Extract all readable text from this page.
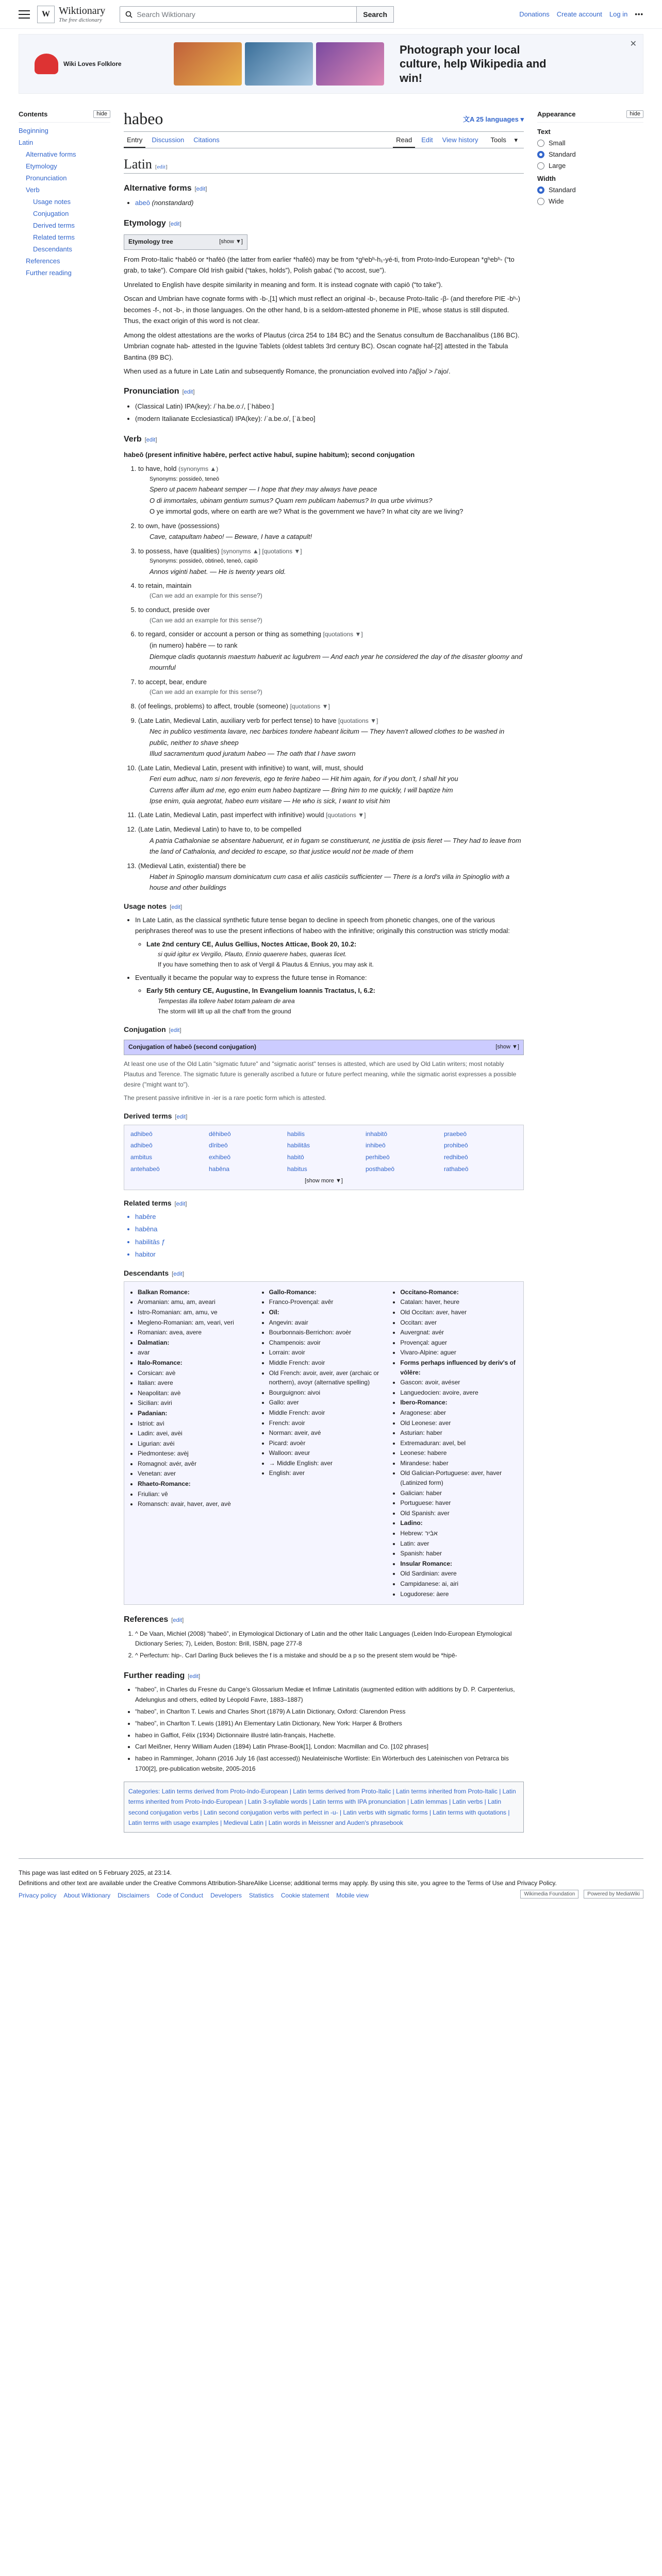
W Wiktionary
The free dictionary
Search Wiktionary	Search	Donations Create account Log in •••
Wiki Loves Folklore
Photograph your local culture, help Wikipedia and win!
✕
Contents	hide
Beginning
Latin
Alternative forms
Etymology
Pronunciation
Verb
Usage notes
Conjugation
Derived terms
Related terms
Descendants
References
Further reading
habeo	文A 25 languages ▾
Entry	Discussion	Citations	Read	Edit	View history	Tools ▾
Latin [edit]
Alternative forms [edit]
• abeō (nonstandard)
Etymology [edit]
Etymology tree	[show ▼]

From Proto-Italic *habēō or *hafēō (the latter from earlier *hafēō) may be from *gʰebʰ-h₁-yé-ti, from Proto-Indo-European *gʰebʰ- (“to grab, to take”). Compare Old Irish gaibid (“takes, holds”), Polish gabać (“to accost, sue”).

Unrelated to English have despite similarity in meaning and form. It is instead cognate with capiō (“to take”).

Oscan and Umbrian have cognate forms with -b-,[1] which must reflect an original -b-, because Proto-Italic -β- (and therefore PIE -bʰ-) becomes -f-, not -b-, in those languages. On the other hand, b is a seldom-attested phoneme in PIE, whose status is still disputed. Thus, the exact origin of this word is not clear.

Among the oldest attestations are the works of Plautus (circa 254 to 184 BC) and the Senatus consultum de Bacchanalibus (186 BC). Umbrian cognate hab- attested in the Iguvine Tablets (oldest tablets 3rd century BC). Oscan cognate haf-[2] attested in the Tabula Bantina (89 BC).

When used as a future in Late Latin and subsequently Romance, the pronunciation evolved into /'aβjo/ > /'ajo/.

Pronunciation [edit]
• (Classical Latin) IPA(key): /ˈha.be.oː/, [ˈhäbeoː]
• (modern Italianate Ecclesiastical) IPA(key): /ˈa.be.o/, [ˈäːbeo]
Verb [edit]

habeō (present infinitive habēre, perfect active habuī, supine habitum); second conjugation

1. to have, hold (synonyms ▲)
Synonyms: possideō, teneō
Spero ut pacem habeant semper — I hope that they may always have peace
O di immortales, ubinam gentium sumus? Quam rem publicam habemus? In qua urbe vivimus?
O ye immortal gods, where on earth are we? What is the government we have? In what city are we living?
2. to own, have (possessions)
Cave, catapultam habeo! — Beware, I have a catapult!
3. to possess, have (qualities) [synonyms ▲] [quotations ▼]
Synonyms: possideō, obtineō, teneō, capiō
Annos viginti habet. — He is twenty years old.
4. to retain, maintain
(Can we add an example for this sense?)
5. to conduct, preside over
(Can we add an example for this sense?)
6. to regard, consider or account a person or thing as something [quotations ▼]
(in numero) habēre — to rank
Diemque cladis quotannis maestum habuerit ac lugubrem — And each year he considered the day of the disaster gloomy and mournful
7. to accept, bear, endure
(Can we add an example for this sense?)
8. (of feelings, problems) to affect, trouble (someone) [quotations ▼]
9. (Late Latin, Medieval Latin, auxiliary verb for perfect tense) to have [quotations ▼]
Nec in publico vestimenta lavare, nec barbices tondere habeant licitum — They haven't allowed clothes to be washed in public, neither to shave sheep
Illud sacramentum quod juratum habeo — The oath that I have sworn
10. (Late Latin, Medieval Latin, present with infinitive) to want, will, must, should
Feri eum adhuc, nam si non fereveris, ego te ferire habeo — Hit him again, for if you don't, I shall hit you
Currens affer illum ad me, ego enim eum habeo baptizare — Bring him to me quickly, I will baptize him
Ipse enim, quia aegrotat, habeo eum visitare — He who is sick, I want to visit him
11. (Late Latin, Medieval Latin, past imperfect with infinitive) would [quotations ▼]
12. (Late Latin, Medieval Latin) to have to, to be compelled
A patria Cathaloniae se absentare habuerunt, et in fugam se constituerunt, ne justitia de ipsis fieret — They had to leave from the land of Cathalonia, and decided to escape, so that justice would not be made of them
13. (Medieval Latin, existential) there be
Habet in Spinoglio mansum dominicatum cum casa et aliis casticiis sufficienter — There is a lord's villa in Spinoglio with a house and other buildings
Usage notes [edit]
• In Late Latin, as the classical synthetic future tense began to decline in speech from phonetic changes, one of the various periphrases thereof was to use the present inflections of habeo with the infinitive; originally this construction was strictly modal:
◦ Late 2nd century CE, Aulus Gellius, Noctes Atticae, Book 20, 10.2:
si quid igitur ex Vergilio, Plauto, Ennio quaerere habes, quaeras licet.
If you have something then to ask of Vergil & Plautus & Ennius, you may ask it.
• Eventually it became the popular way to express the future tense in Romance:
◦ Early 5th century CE, Augustine, In Evangelium Ioannis Tractatus, I, 6.2:
Tempestas illa tollere habet totam paleam de area
The storm will lift up all the chaff from the ground
Conjugation [edit]
Conjugation of habeō (second conjugation)	[show ▼]

At least one use of the Old Latin "sigmatic future" and "sigmatic aorist" tenses is attested, which are used by Old Latin writers; most notably Plautus and Terence. The sigmatic future is generally ascribed a future or future perfect meaning, while the sigmatic aorist expresses a possible desire ("might want to").

The present passive infinitive in -ier is a rare poetic form which is attested.

Derived terms [edit]
adhibeō	dēhibeō	habilis	inhabitō	praebeō
adhibeō	dīribeō	habilitās	inhibeō	prohibeō
ambitus	exhibeō	habitō	perhibeō	redhibeō
antehabeō	habēna	habitus	posthabeō	rathabeō
[show more ▼]
Related terms [edit]
• habēre
• habēna
• habilitās ƒ
• habitor
Descendants [edit]
• Balkan Romance:
• Aromanian: amu, am, aveari
• Istro-Romanian: am, amu, ve
• Megleno-Romanian: am, veari, veri
• Romanian: avea, avere
• Dalmatian:
• avar
• Italo-Romance:
• Corsican: avè
• Italian: avere
• Neapolitan: avè
• Sicilian: aviri
• Padanian:
• Istriot: avì
• Ladin: avei, avèi
• Ligurian: avéi
• Piedmontese: avèj
• Romagnol: avér, avêr
• Venetan: aver
• Rhaeto-Romance:
• Friulian: vê
• Romansch: avair, haver, aver, avè
• Gallo-Romance:
• Franco-Provençal: avêr
• Oïl:
• Angevin: avair
• Bourbonnais-Berrichon: avoèr
• Champenois: avoir
• Lorrain: avoir
• Middle French: avoir
• Old French: avoir, aveir, aver (archaic or northern), avoyr (alternative spelling)
• Bourguignon: aivoi
• Gallo: aver
• Middle French: avoir
• French: avoir
• Norman: aveir, avé
• Picard: avoèr
• Walloon: aveur
• → Middle English: aver
• English: aver
• Occitano-Romance:
• Catalan: haver, heure
• Old Occitan: aver, haver
• Occitan: aver
• Auvergnat: avér
• Provençal: aguer
• Vivaro-Alpine: aguer
• Forms perhaps influenced by deriv's of vōlēre:
• Gascon: avoir, avéser
• Languedocien: avoire, avere
• Ibero-Romance:
• Aragonese: aber
• Old Leonese: aver
• Asturian: haber
• Extremaduran: avel, bel
• Leonese: habere
• Mirandese: haber
• Old Galician-Portuguese: aver, haver (Latinized form)
• Galician: haber
• Portuguese: haver
• Old Spanish: aver
• Ladino:
• Hebrew: אבֿיר
• Latin: aver
• Spanish: haber
• Insular Romance:
• Old Sardinian: avere
• Campidanese: ai, airi
• Logudorese: àere
References [edit]
1. ^ De Vaan, Michiel (2008) “habeō”, in Etymological Dictionary of Latin and the other Italic Languages (Leiden Indo-European Etymological Dictionary Series; 7), Leiden, Boston: Brill, ISBN, page 277-8
2. ^ Perfectum: hip-. Carl Darling Buck believes the f is a mistake and should be a p so the present stem would be *hipē-
Further reading [edit]
• “habeo”, in Charles du Fresne du Cange’s Glossarium Mediæ et Infimæ Latinitatis (augmented edition with additions by D. P. Carpenterius, Adelungius and others, edited by Léopold Favre, 1883–1887)
• “habeo”, in Charlton T. Lewis and Charles Short (1879) A Latin Dictionary, Oxford: Clarendon Press
• “habeo”, in Charlton T. Lewis (1891) An Elementary Latin Dictionary, New York: Harper & Brothers
• habeo in Gaffiot, Félix (1934) Dictionnaire illustré latin-français, Hachette.
• Carl Meißner, Henry William Auden (1894) Latin Phrase-Book[1], London: Macmillan and Co. [102 phrases]
• habeo in Ramminger, Johann (2016 July 16 (last accessed)) Neulateinische Wortliste: Ein Wörterbuch des Lateinischen von Petrarca bis 1700[2], pre-publication website, 2005-2016
Categories: Latin terms derived from Proto-Indo-European | Latin terms derived from Proto-Italic | Latin terms inherited from Proto-Italic | Latin terms inherited from Proto-Indo-European | Latin 3-syllable words | Latin terms with IPA pronunciation | Latin lemmas | Latin verbs | Latin second conjugation verbs | Latin second conjugation verbs with perfect in -u- | Latin verbs with sigmatic forms | Latin terms with quotations | Latin terms with usage examples | Medieval Latin | Latin words in Meissner and Auden's phrasebook
Appearance	hide
Text
Small
Standard
Large
Width
Standard
Wide

This page was last edited on 5 February 2025, at 23:14.

Definitions and other text are available under the Creative Commons Attribution-ShareAlike License; additional terms may apply. By using this site, you agree to the Terms of Use and Privacy Policy.

Privacy policy About Wiktionary Disclaimers Code of Conduct Developers Statistics Cookie statement Mobile view	Wikimedia Foundation	Powered by MediaWiki
